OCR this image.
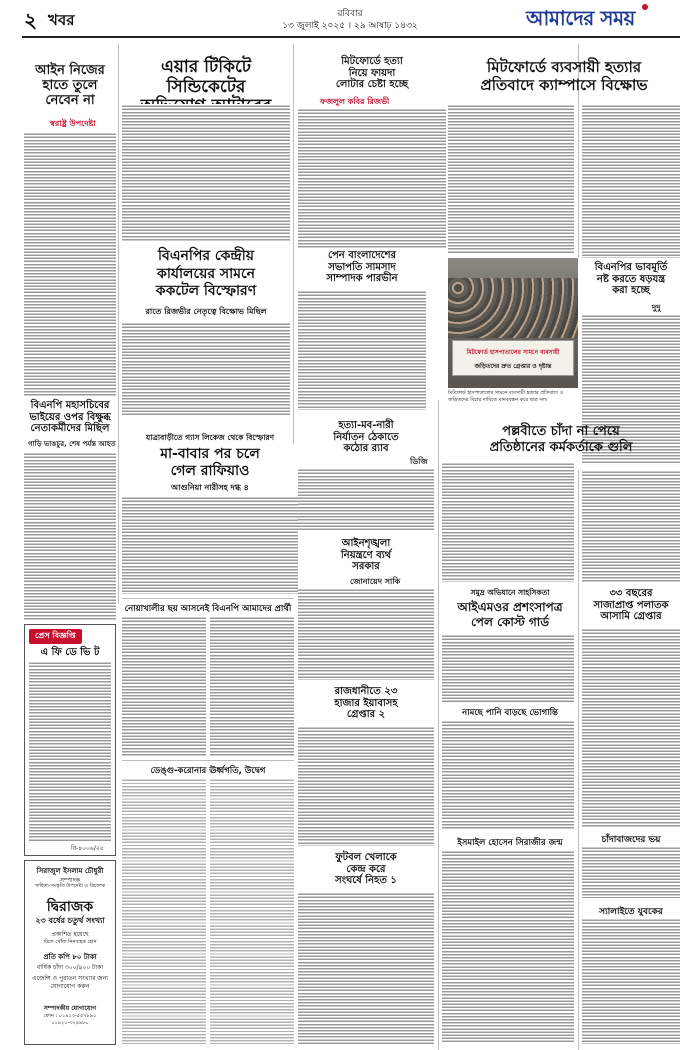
২ খবর	রবিবার
১৩ জুলাই ২০২৫ । ২৯ আষাঢ় ১৪৩২	আমাদের সময়
আইন নিজের
হাতে তুলে
নেবেন না
স্বরাষ্ট্র উপদেষ্টা
বিএনপি মহাসচিবের
ভাইয়ের ওপর বিক্ষুব্ধ
নেতাকর্মীদের মিছিল
গাড়ি ভাঙচুর, শেষ পর্যন্ত আহত
প্রেস বিজ্ঞপ্তি
এ ফি ডে ভি ট
বি-৪০০৬/২৫
সিরাজুল ইসলাম চৌধুরী
সম্পাদক
সাহিত্য-সংস্কৃতি উপদেষ্টা ও রিচালক
দ্বিরাজক
২৩ বর্ষের চতুর্থ সংখ্যা
প্রকাশিত হয়েছে
স্টলে খোঁজ নিনবাহক হোন
প্রতি কপি ৮০ টাকা
বার্ষিক চাঁদা ৩০০/৪০০ টাকা
এজেন্সি ও পুরাতন সংখ্যার জন্য যোগাযোগ করুন
সম্পাদকীয় যোগাযোগ
ফোন : ০১৯১৩-৫৫৭৮৯০ ০১৯২০-৩২৪৯৮০
এয়ার টিকিটে সিন্ডিকেটের
বিএনপির কেন্দ্রীয়
কার্যালয়ের সামনে
ককটেল বিস্ফোরণ
রাতে রিজভীর নেতৃত্বে বিক্ষোভ মিছিল
পেন বাংলাদেশের
সভাপতি সামসাদ
সাম্পাদক পারভীন
মিটফোর্ডে হত্যা
নিয়ে ফায়দা
লোটার চেষ্টা হচ্ছে
ফজলুল কবির রিজভী
মিটফোর্ডে ব্যবসায়ী হত্যার
প্রতিবাদে ক্যাম্পাসে বিক্ষোভ
বিএনপির ভাবমূর্তি
নষ্ট করতে ষড়যন্ত্র
করা হচ্ছে
দুদু
মিটফোর্ড হাসপাতালের সামনে ব্যবসায়ী
জড়িতদের দ্রুত গ্রেপ্তার ও দৃষ্টান্ত
মিটফোর্ড হাসপাতালের সামনে ব্যবসায়ী হত্যার প্রতিবাদে ও জড়িতদের বিচার দাবিতে মানববন্ধন করে ছাত্র দল।
হত্যা-মব-নারী
নির্যাতন ঠেকাতে
কঠোর র‌্যাব
ডিজি
পল্লবীতে চাঁদা না পেয়ে
প্রতিষ্ঠানের কর্মকর্তাকে গুলি
৩৩ বছরের
সাজাপ্রাপ্ত পলাতক
আসামি গ্রেপ্তার
যাত্রাবাড়ীতে গ্যাস লিকেজ থেকে বিস্ফোরণ
মা-বাবার পর চলে
গেল রাফিয়াও
আগুনিয়া নারীসহ দগ্ধ ৪
আইনশৃঙ্খলা
নিয়ন্ত্রণে ব্যর্থ
সরকার
জোনায়েদ সাকি
সমুদ্র অভিযানে সাহসিকতা
আইএমওর প্রশংসাপত্র
পেল কোস্ট গার্ড
নোয়াখালীর ছয় আসনেই বিএনপি আমাদের প্রার্থী
রাজধানীতে ২৩
হাজার ইয়াবাসহ
গ্রেপ্তার ২	নামছে পানি বাড়ছে ভোগান্তি
চাঁদাবাজদের ভয়
ডেঙ্গু-করোনার ঊর্ধ্বগতি, উদ্বেগ
ফুটবল খেলাকে
কেন্দ্র করে
সংঘর্ষে নিহত ১
ইসমাইল হোসেন সিরাজীর জন্ম
স্যালাইতে যুবকের
